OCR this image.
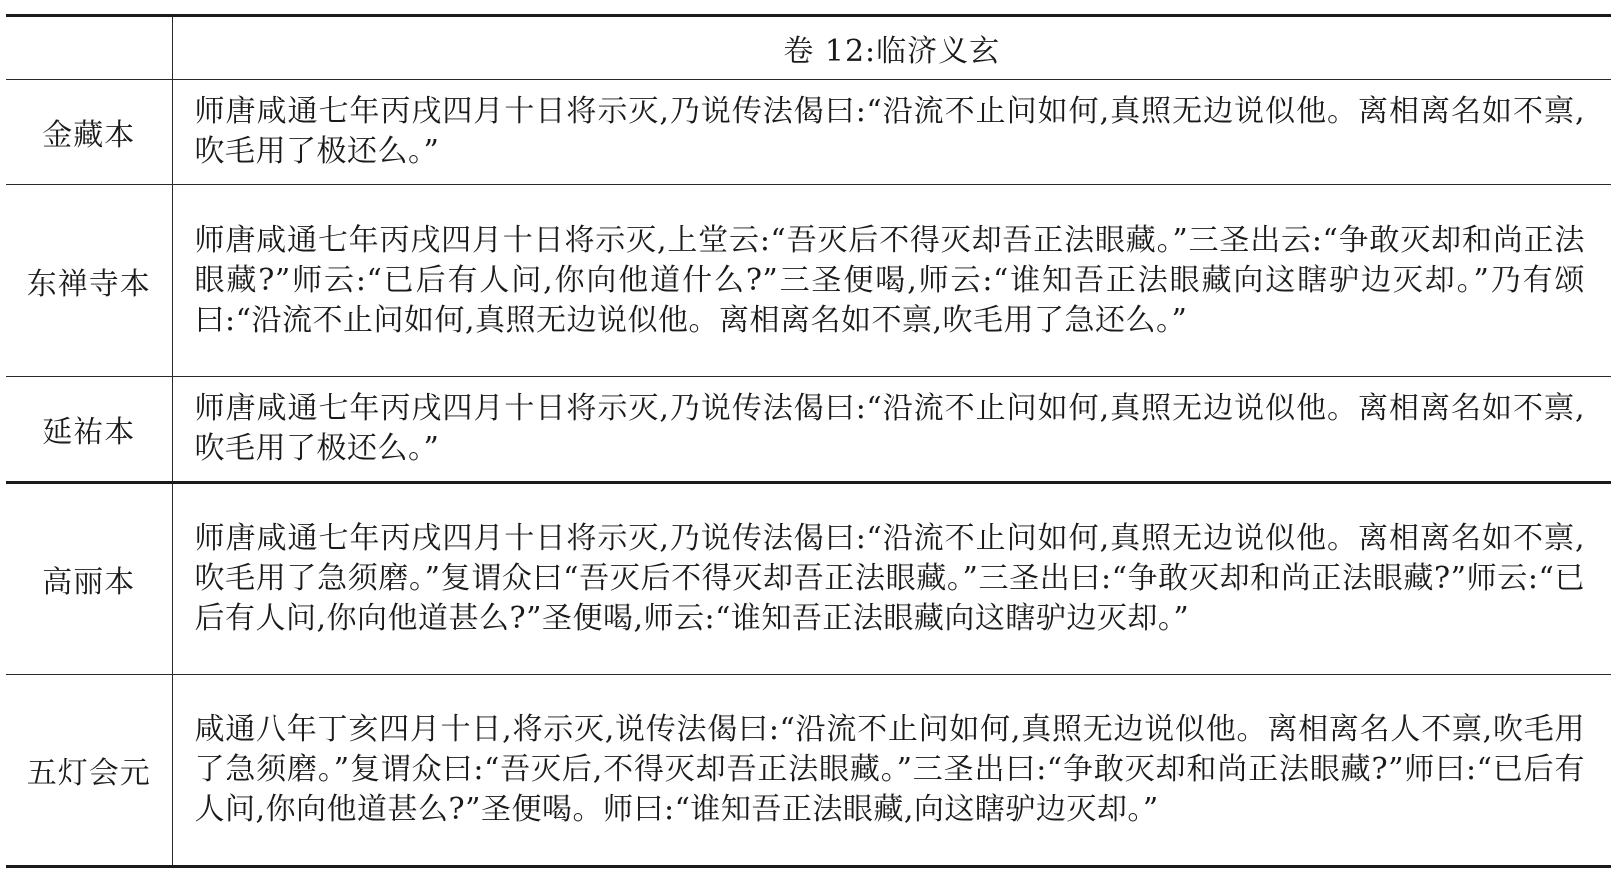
	卷 12:临济义玄
金藏本	师唐咸通七年丙戌四月十日将示灭,乃说传法偈曰:“沿流不止问如何,真照无边说似他。离相离名如不禀,吹毛用了极还么。”
东禅寺本	师唐咸通七年丙戌四月十日将示灭,上堂云:“吾灭后不得灭却吾正法眼藏。”三圣出云:“争敢灭却和尚正法眼藏?”师云:“已后有人问,你向他道什么?”三圣便喝,师云:“谁知吾正法眼藏向这瞎驴边灭却。”乃有颂曰:“沿流不止问如何,真照无边说似他。离相离名如不禀,吹毛用了急还么。”
延祐本	师唐咸通七年丙戌四月十日将示灭,乃说传法偈曰:“沿流不止问如何,真照无边说似他。离相离名如不禀,吹毛用了极还么。”
高丽本	师唐咸通七年丙戌四月十日将示灭,乃说传法偈曰:“沿流不止问如何,真照无边说似他。离相离名如不禀,吹毛用了急须磨。”复谓众曰“吾灭后不得灭却吾正法眼藏。”三圣出曰:“争敢灭却和尚正法眼藏?”师云:“已后有人问,你向他道甚么?”圣便喝,师云:“谁知吾正法眼藏向这瞎驴边灭却。”
五灯会元	咸通八年丁亥四月十日,将示灭,说传法偈曰:“沿流不止问如何,真照无边说似他。离相离名人不禀,吹毛用了急须磨。”复谓众曰:“吾灭后,不得灭却吾正法眼藏。”三圣出曰:“争敢灭却和尚正法眼藏?”师曰:“已后有人问,你向他道甚么?”圣便喝。师曰:“谁知吾正法眼藏,向这瞎驴边灭却。”
